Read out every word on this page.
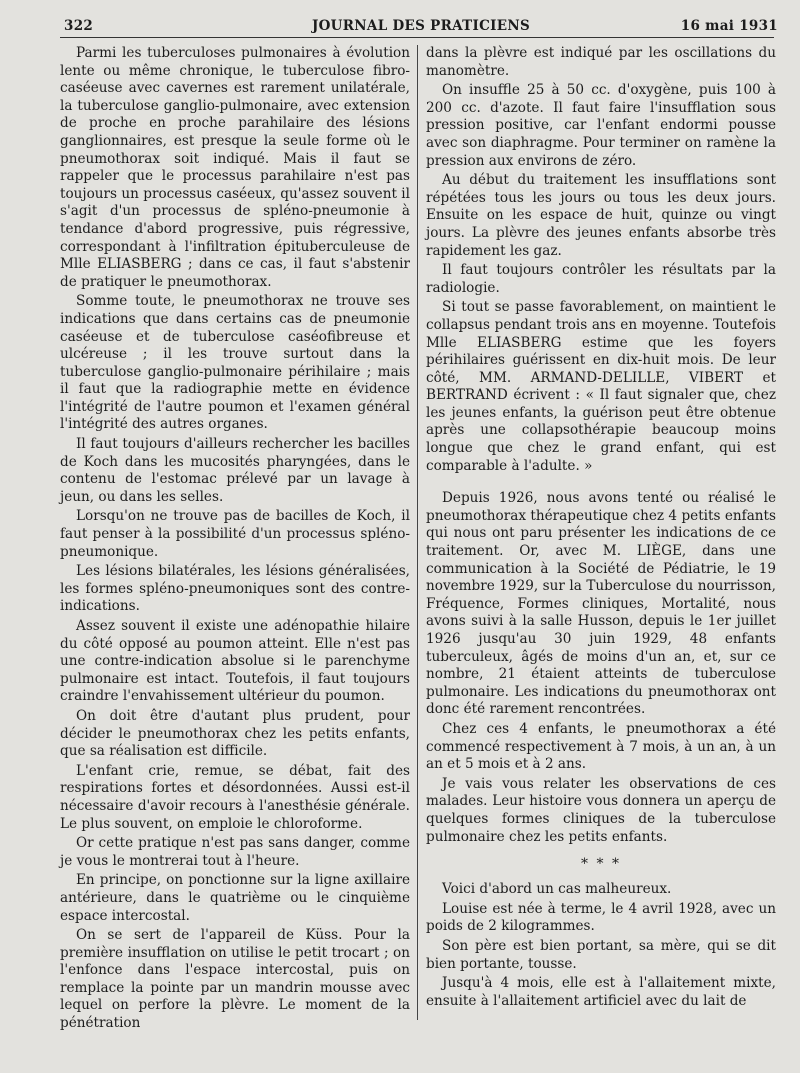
322	JOURNAL DES PRATICIENS	16 mai 1931

Parmi les tuberculoses pulmonaires à évolution lente ou même chronique, le tuberculose fibro-caséeuse avec cavernes est rarement unilatérale, la tuberculose ganglio-pulmonaire, avec extension de proche en proche parahilaire des lésions ganglionnaires, est presque la seule forme où le pneumothorax soit indiqué. Mais il faut se rappeler que le processus parahilaire n'est pas toujours un processus caséeux, qu'assez souvent il s'agit d'un processus de spléno-pneumonie à tendance d'abord progressive, puis régressive, correspondant à l'infiltration épituberculeuse de Mlle ELIASBERG ; dans ce cas, il faut s'abstenir de pratiquer le pneumothorax.

Somme toute, le pneumothorax ne trouve ses indications que dans certains cas de pneumonie caséeuse et de tuberculose caséofibreuse et ulcéreuse ; il les trouve surtout dans la tuberculose ganglio-pulmonaire périhilaire ; mais il faut que la radiographie mette en évidence l'intégrité de l'autre poumon et l'examen général l'intégrité des autres organes.

Il faut toujours d'ailleurs rechercher les bacilles de Koch dans les mucosités pharyngées, dans le contenu de l'estomac prélevé par un lavage à jeun, ou dans les selles.

Lorsqu'on ne trouve pas de bacilles de Koch, il faut penser à la possibilité d'un processus spléno-pneumonique.

Les lésions bilatérales, les lésions généralisées, les formes spléno-pneumoniques sont des contre-indications.

Assez souvent il existe une adénopathie hilaire du côté opposé au poumon atteint. Elle n'est pas une contre-indication absolue si le parenchyme pulmonaire est intact. Toutefois, il faut toujours craindre l'envahissement ultérieur du poumon.

On doit être d'autant plus prudent, pour décider le pneumothorax chez les petits enfants, que sa réalisation est difficile.

L'enfant crie, remue, se débat, fait des respirations fortes et désordonnées. Aussi est-il nécessaire d'avoir recours à l'anesthésie générale. Le plus souvent, on emploie le chloroforme.

Or cette pratique n'est pas sans danger, comme je vous le montrerai tout à l'heure.

En principe, on ponctionne sur la ligne axillaire antérieure, dans le quatrième ou le cinquième espace intercostal.

On se sert de l'appareil de Küss. Pour la première insufflation on utilise le petit trocart ; on l'enfonce dans l'espace intercostal, puis on remplace la pointe par un mandrin mousse avec lequel on perfore la plèvre. Le moment de la pénétration

dans la plèvre est indiqué par les oscillations du manomètre.

On insuffle 25 à 50 cc. d'oxygène, puis 100 à 200 cc. d'azote. Il faut faire l'insufflation sous pression positive, car l'enfant endormi pousse avec son diaphragme. Pour terminer on ramène la pression aux environs de zéro.

Au début du traitement les insufflations sont répétées tous les jours ou tous les deux jours. Ensuite on les espace de huit, quinze ou vingt jours. La plèvre des jeunes enfants absorbe très rapidement les gaz.

Il faut toujours contrôler les résultats par la radiologie.

Si tout se passe favorablement, on maintient le collapsus pendant trois ans en moyenne. Toutefois Mlle ELIASBERG estime que les foyers périhilaires guérissent en dix-huit mois. De leur côté, MM. ARMAND-DELILLE, VIBERT et BERTRAND écrivent : « Il faut signaler que, chez les jeunes enfants, la guérison peut être obtenue après une collapsothérapie beaucoup moins longue que chez le grand enfant, qui est comparable à l'adulte. »

Depuis 1926, nous avons tenté ou réalisé le pneumothorax thérapeutique chez 4 petits enfants qui nous ont paru présenter les indications de ce traitement. Or, avec M. LIÈGE, dans une communication à la Société de Pédiatrie, le 19 novembre 1929, sur la Tuberculose du nourrisson, Fréquence, Formes cliniques, Mortalité, nous avons suivi à la salle Husson, depuis le 1er juillet 1926 jusqu'au 30 juin 1929, 48 enfants tuberculeux, âgés de moins d'un an, et, sur ce nombre, 21 étaient atteints de tuberculose pulmonaire. Les indications du pneumothorax ont donc été rarement rencontrées.

Chez ces 4 enfants, le pneumothorax a été commencé respectivement à 7 mois, à un an, à un an et 5 mois et à 2 ans.

Je vais vous relater les observations de ces malades. Leur histoire vous donnera un aperçu de quelques formes cliniques de la tuberculose pulmonaire chez les petits enfants.

* * *

Voici d'abord un cas malheureux.

Louise est née à terme, le 4 avril 1928, avec un poids de 2 kilogrammes.

Son père est bien portant, sa mère, qui se dit bien portante, tousse.

Jusqu'à 4 mois, elle est à l'allaitement mixte, ensuite à l'allaitement artificiel avec du lait de
